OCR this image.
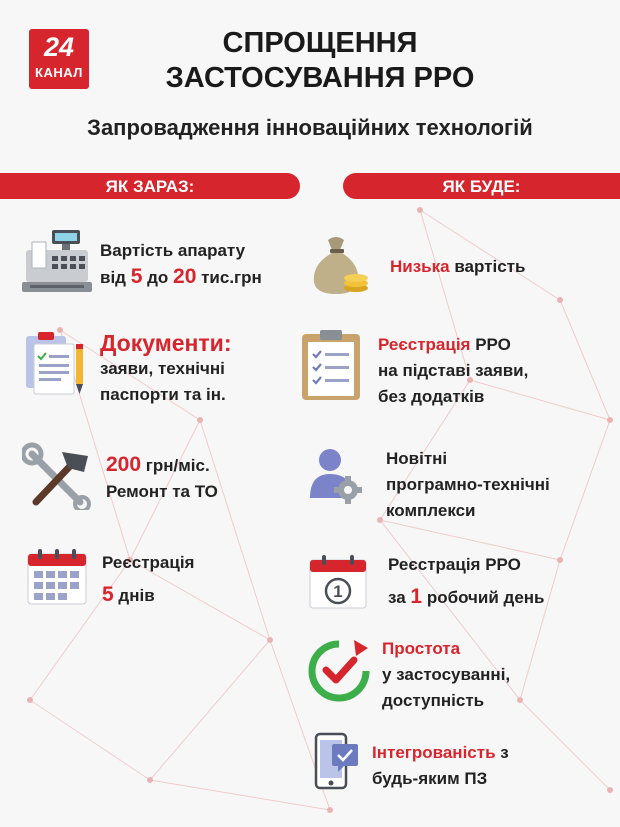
24
КАНАЛ
СПРОЩЕННЯ
ЗАСТОСУВАННЯ РРО
Запровадження інноваційних технологій
ЯК ЗАРАЗ:	ЯК БУДЕ:
Вартість апарату
від 5 до 20 тис.грн
Документи:
заяви, технічні
паспорти та ін.
200 грн/міс.
Ремонт та ТО
Реєстрація
5 днів
Низька вартість
Реєстрація РРО
на підставі заяви,
без додатків
Новітні
програмно-технічні
комплекси
1
Реєстрація РРО
за 1 робочий день
Простота
у застосуванні,
доступність
Інтегрованість з
будь-яким ПЗ
